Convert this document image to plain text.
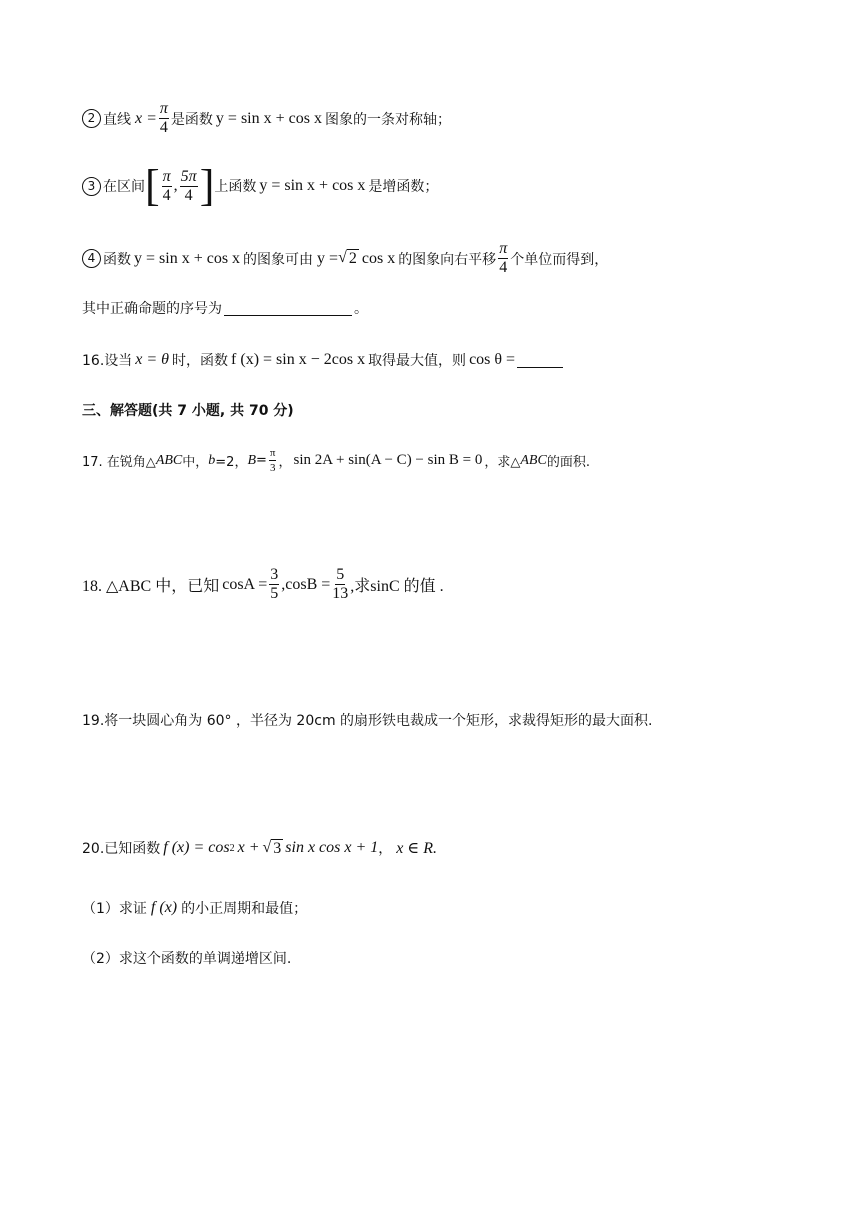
2 直线 $x = \frac{\pi}{4}$ 是函数 y = sin x + cos x 图象的一条对称轴；
3 在区间 [ $\frac{\pi}{4}$ , $\frac{5\pi}{4}$ ] 上函数 y = sin x + cos x 是增函数；
4 函数 y = sin x + cos x 的图象可由 y = √ 2 cos x 的图象向右平移 $\frac{\pi}{4}$ 个单位而得到，
其中正确命题的序号为	。
16.设当 x = θ 时，函数 f (x) = sin x − 2cos x 取得最大值，则 cos θ =
三、解答题(共 7 小题, 共 70 分)
17. 在锐角△ ABC 中， b =2， $B = \frac{\pi}{3}$ ， sin 2A + sin(A − C) − sin B = 0 ，求△ ABC 的面积.
18. △ABC 中，已知 $\cos A = \frac{3}{5} ,\cos B = \frac{5}{13}$ ,求sinC 的值 .
19.将一块圆心角为 60° ，半径为 20cm 的扇形铁电裁成一个矩形，求裁得矩形的最大面积.
20.已知函数 f (x) = cos 2 x + √ 3 sin x cos x + 1 ， x ∈ R.
（1）求证 f (x) 的小正周期和最值；
（2）求这个函数的单调递增区间.
